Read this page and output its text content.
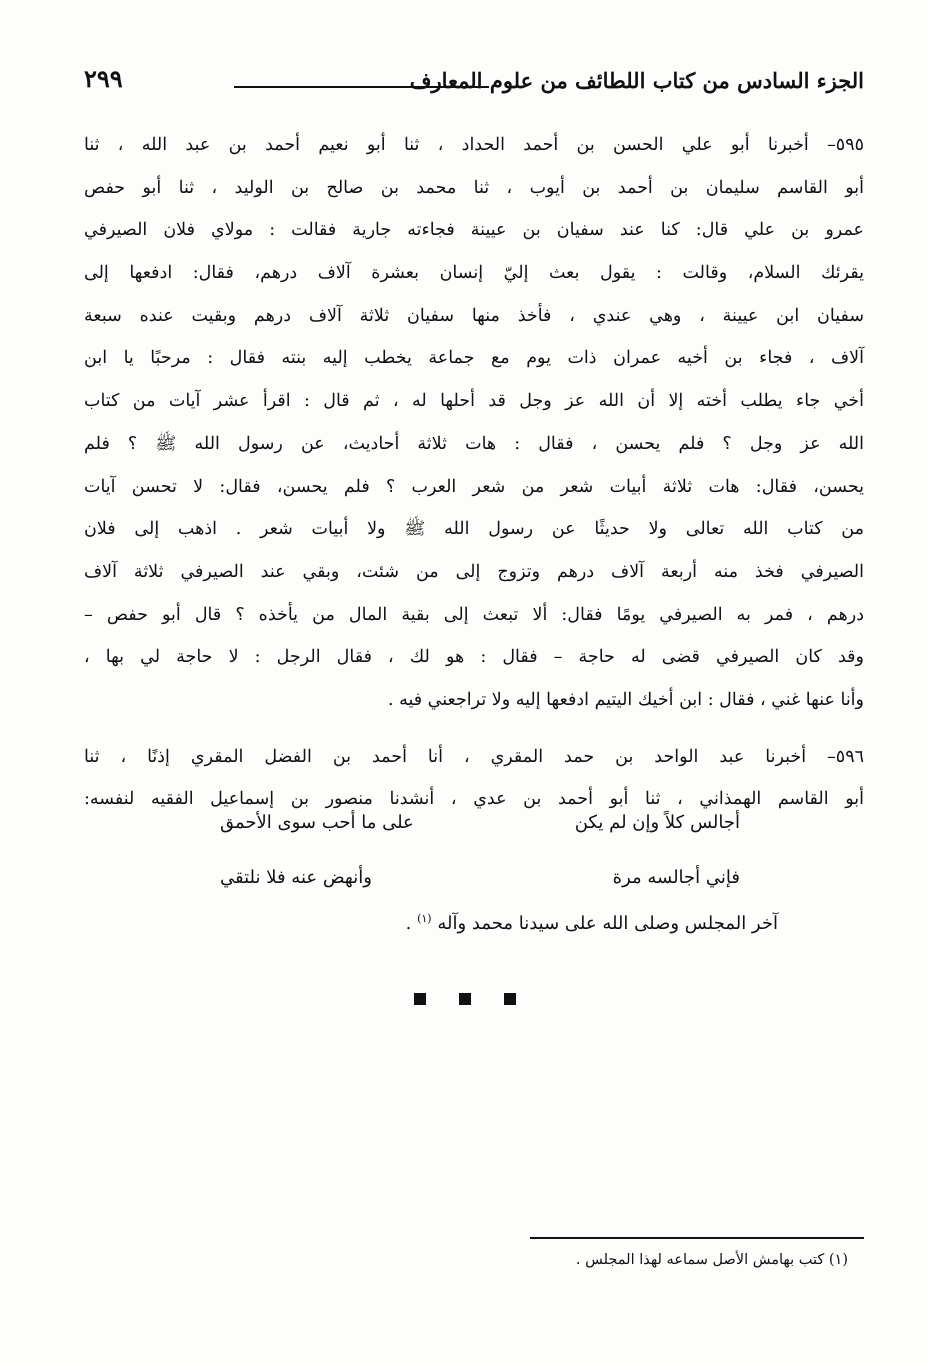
الجزء السادس من كتاب اللطائف من علوم المعارف
٢٩٩
٥٩٥– أخبرنا أبو علي الحسن بن أحمد الحداد ، ثنا أبو نعيم أحمد بن عبد الله ، ثنا
أبو القاسم سليمان بن أحمد بن أيوب ، ثنا محمد بن صالح بن الوليد ، ثنا أبو حفص
عمرو بن علي قال: كنا عند سفيان بن عيينة فجاءته جارية فقالت : مولاي فلان الصيرفي
يقرئك السلام، وقالت : يقول بعث إليّ إنسان بعشرة آلاف درهم، فقال: ادفعها إلى
سفيان ابن عيينة ، وهي عندي ، فأخذ منها سفيان ثلاثة آلاف درهم وبقيت عنده سبعة
آلاف ، فجاء بن أخيه عمران ذات يوم مع جماعة يخطب إليه بنته فقال : مرحبًا يا ابن
أخي جاء يطلب أخته إلا أن الله عز وجل قد أحلها له ، ثم قال : اقرأ عشر آيات من كتاب
الله عز وجل ؟ فلم يحسن ، فقال : هات ثلاثة أحاديث، عن رسول الله ﷺ ؟ فلم
يحسن، فقال: هات ثلاثة أبيات شعر من شعر العرب ؟ فلم يحسن، فقال: لا تحسن آيات
من كتاب الله تعالى ولا حديثًا عن رسول الله ﷺ ولا أبيات شعر . اذهب إلى فلان
الصيرفي فخذ منه أربعة آلاف درهم وتزوج إلى من شئت، وبقي عند الصيرفي ثلاثة آلاف
درهم ، فمر به الصيرفي يومًا فقال: ألا تبعث إلى بقية المال من يأخذه ؟ قال أبو حفص –
وقد كان الصيرفي قضى له حاجة – فقال : هو لك ، فقال الرجل : لا حاجة لي بها ،
وأنا عنها غني ، فقال : ابن أخيك اليتيم ادفعها إليه ولا تراجعني فيه .
٥٩٦– أخبرنا عبد الواحد بن حمد المقري ، أنا أحمد بن الفضل المقري إذنًا ، ثنا
أبو القاسم الهمذاني ، ثنا أبو أحمد بن عدي ، أنشدنا منصور بن إسماعيل الفقيه لنفسه:
أجالس كلاً وإن لم يكن
على ما أحب سوى الأحمق
فإني أجالسه مرة
وأنهض عنه فلا نلتقي
آخر المجلس وصلى الله على سيدنا محمد وآله $^{(١)}$ .
(١) كتب بهامش الأصل سماعه لهذا المجلس .
